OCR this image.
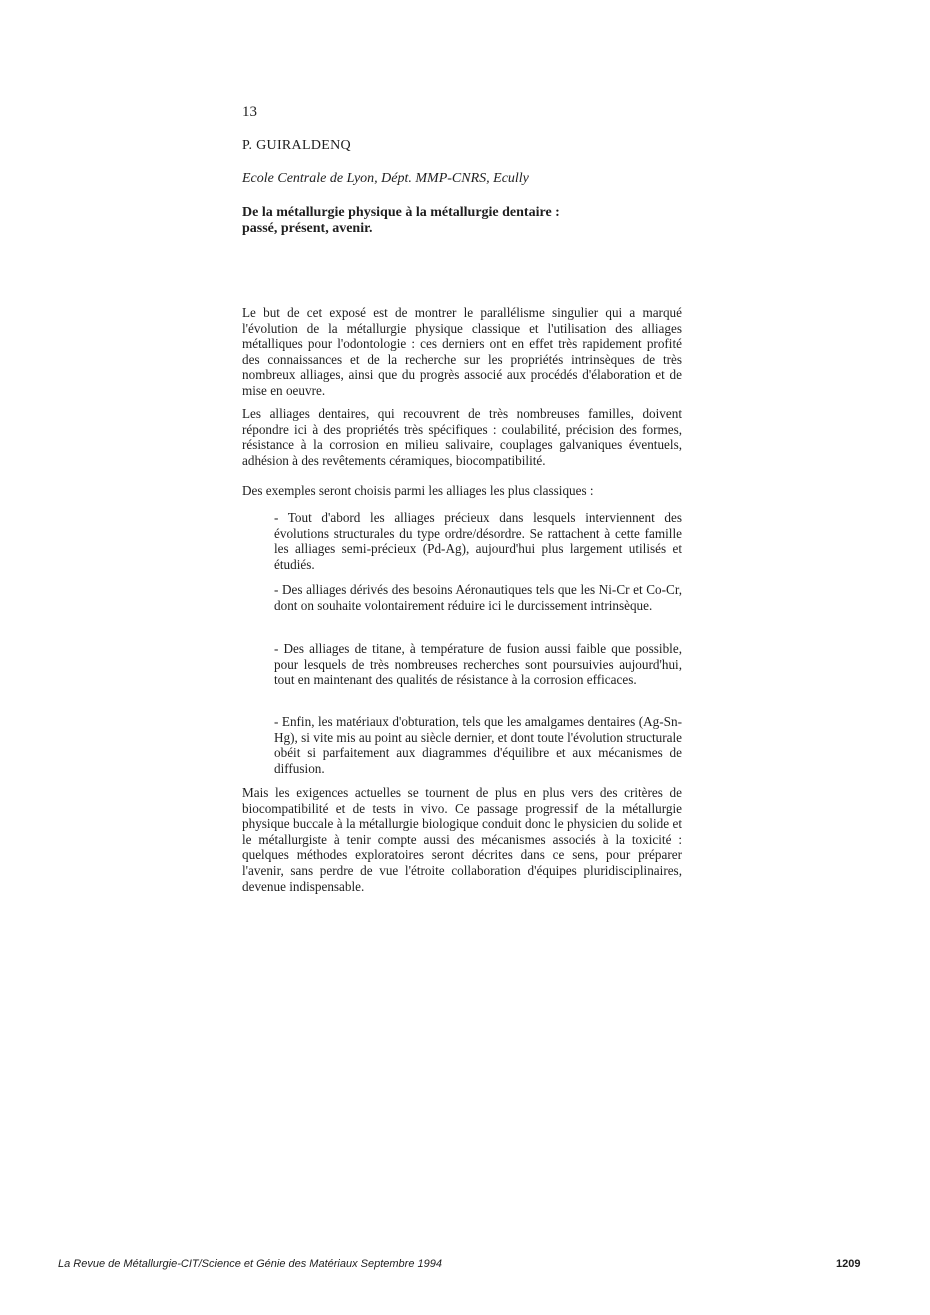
13
P. GUIRALDENQ
Ecole Centrale de Lyon, Dépt. MMP-CNRS, Ecully
De la métallurgie physique à la métallurgie dentaire :
passé, présent, avenir.
Le but de cet exposé est de montrer le parallélisme singulier qui a marqué l'évolution de la métallurgie physique classique et l'utilisation des alliages métalliques pour l'odontologie : ces derniers ont en effet très rapidement profité des connaissances et de la recherche sur les propriétés intrinsèques de très nombreux alliages, ainsi que du progrès associé aux procédés d'élaboration et de mise en oeuvre.
Les alliages dentaires, qui recouvrent de très nombreuses familles, doivent répondre ici à des propriétés très spécifiques : coulabilité, précision des formes, résistance à la corrosion en milieu salivaire, couplages galvaniques éventuels, adhésion à des revêtements céramiques, biocompatibilité.
Des exemples seront choisis parmi les alliages les plus classiques :
- Tout d'abord les alliages précieux dans lesquels interviennent des évolutions structurales du type ordre/désordre. Se rattachent à cette famille les alliages semi-précieux (Pd-Ag), aujourd'hui plus largement utilisés et étudiés.
- Des alliages dérivés des besoins Aéronautiques tels que les Ni-Cr et Co-Cr, dont on souhaite volontairement réduire ici le durcissement intrinsèque.
- Des alliages de titane, à température de fusion aussi faible que possible, pour lesquels de très nombreuses recherches sont poursuivies aujourd'hui, tout en maintenant des qualités de résistance à la corrosion efficaces.
- Enfin, les matériaux d'obturation, tels que les amalgames dentaires (Ag-Sn-Hg), si vite mis au point au siècle dernier, et dont toute l'évolution structurale obéit si parfaitement aux diagrammes d'équilibre et aux mécanismes de diffusion.
Mais les exigences actuelles se tournent de plus en plus vers des critères de biocompatibilité et de tests in vivo. Ce passage progressif de la métallurgie physique buccale à la métallurgie biologique conduit donc le physicien du solide et le métallurgiste à tenir compte aussi des mécanismes associés à la toxicité : quelques méthodes exploratoires seront décrites dans ce sens, pour préparer l'avenir, sans perdre de vue l'étroite collaboration d'équipes pluridisciplinaires, devenue indispensable.
La Revue de Métallurgie-CIT/Science et Génie des Matériaux Septembre 1994	1209
